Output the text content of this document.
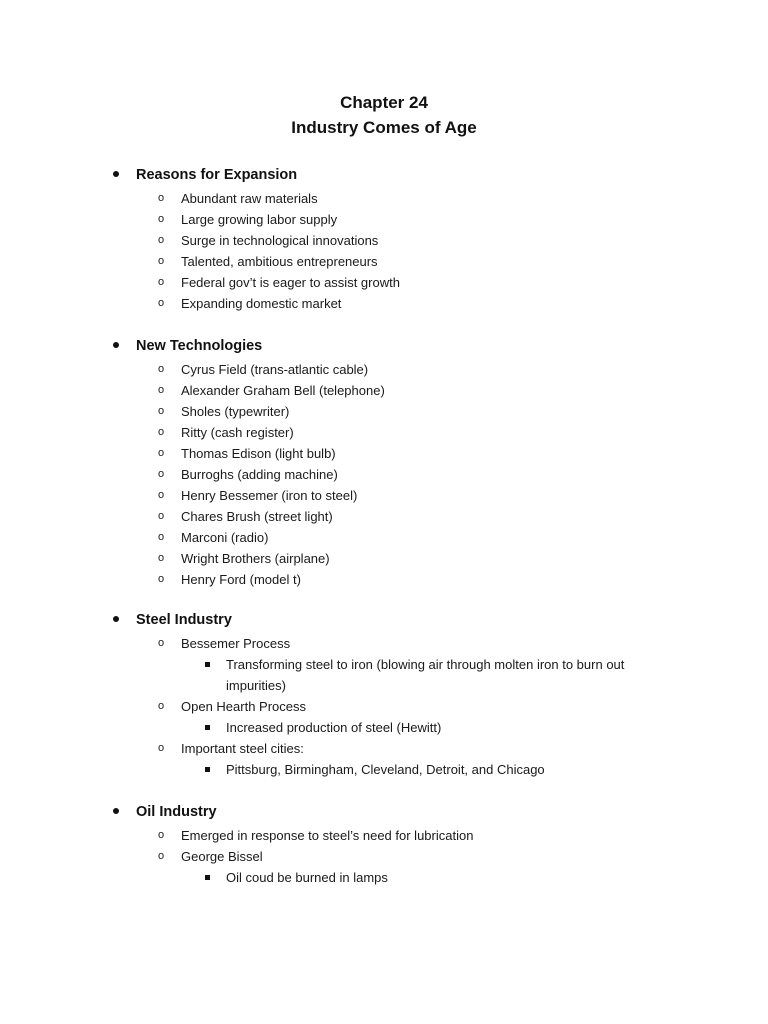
Chapter 24
Industry Comes of Age
Reasons for Expansion
o Abundant raw materials
o Large growing labor supply
o Surge in technological innovations
o Talented, ambitious entrepreneurs
o Federal gov’t is eager to assist growth
o Expanding domestic market
New Technologies
o Cyrus Field (trans-atlantic cable)
o Alexander Graham Bell (telephone)
o Sholes (typewriter)
o Ritty (cash register)
o Thomas Edison (light bulb)
o Burroghs (adding machine)
o Henry Bessemer (iron to steel)
o Chares Brush (street light)
o Marconi (radio)
o Wright Brothers (airplane)
o Henry Ford (model t)
Steel Industry
o Bessemer Process
Transforming steel to iron (blowing air through molten iron to burn out impurities)
o Open Hearth Process
Increased production of steel (Hewitt)
o Important steel cities:
Pittsburg, Birmingham, Cleveland, Detroit, and Chicago
Oil Industry
o Emerged in response to steel’s need for lubrication
o George Bissel
Oil coud be burned in lamps
